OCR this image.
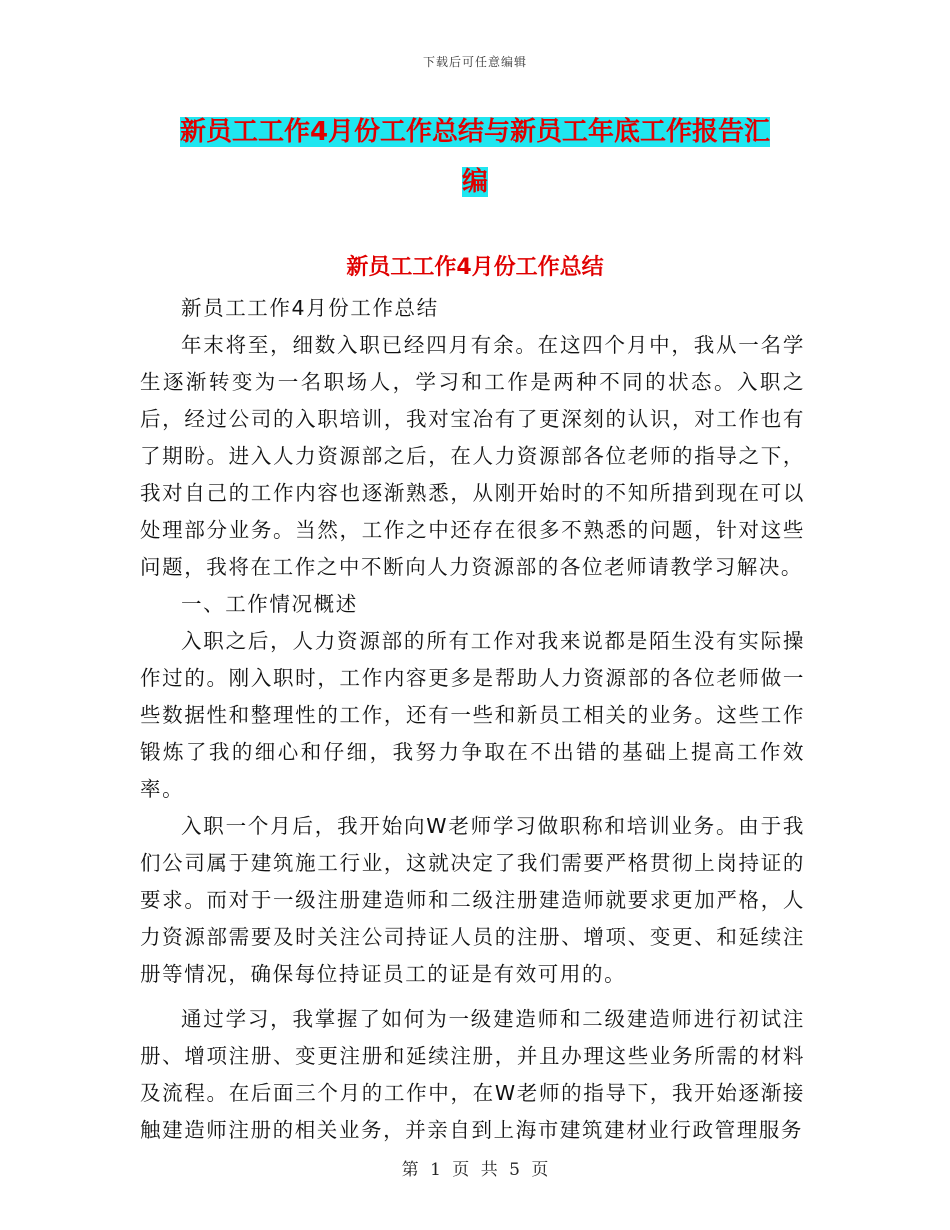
下载后可任意编辑
新员工工作4月份工作总结与新员工年底工作报告汇
编
新员工工作4月份工作总结

新员工工作4月份工作总结

年末将至，细数入职已经四月有余。在这四个月中，我从一名学生逐渐转变为一名职场人，学习和工作是两种不同的状态。入职之后，经过公司的入职培训，我对宝冶有了更深刻的认识，对工作也有了期盼。进入人力资源部之后，在人力资源部各位老师的指导之下，我对自己的工作内容也逐渐熟悉，从刚开始时的不知所措到现在可以处理部分业务。当然，工作之中还存在很多不熟悉的问题，针对这些问题，我将在工作之中不断向人力资源部的各位老师请教学习解决。

一、工作情况概述

入职之后，人力资源部的所有工作对我来说都是陌生没有实际操作过的。刚入职时，工作内容更多是帮助人力资源部的各位老师做一些数据性和整理性的工作，还有一些和新员工相关的业务。这些工作锻炼了我的细心和仔细，我努力争取在不出错的基础上提高工作效率。

入职一个月后，我开始向W老师学习做职称和培训业务。由于我们公司属于建筑施工行业，这就决定了我们需要严格贯彻上岗持证的要求。而对于一级注册建造师和二级注册建造师就要求更加严格，人力资源部需要及时关注公司持证人员的注册、增项、变更、和延续注册等情况，确保每位持证员工的证是有效可用的。

通过学习，我掌握了如何为一级建造师和二级建造师进行初试注册、增项注册、变更注册和延续注册，并且办理这些业务所需的材料及流程。在后面三个月的工作中，在W老师的指导下，我开始逐渐接触建造师注册的相关业务，并亲自到上海市建筑建材业行政管理服务

第 1 页 共 5 页
